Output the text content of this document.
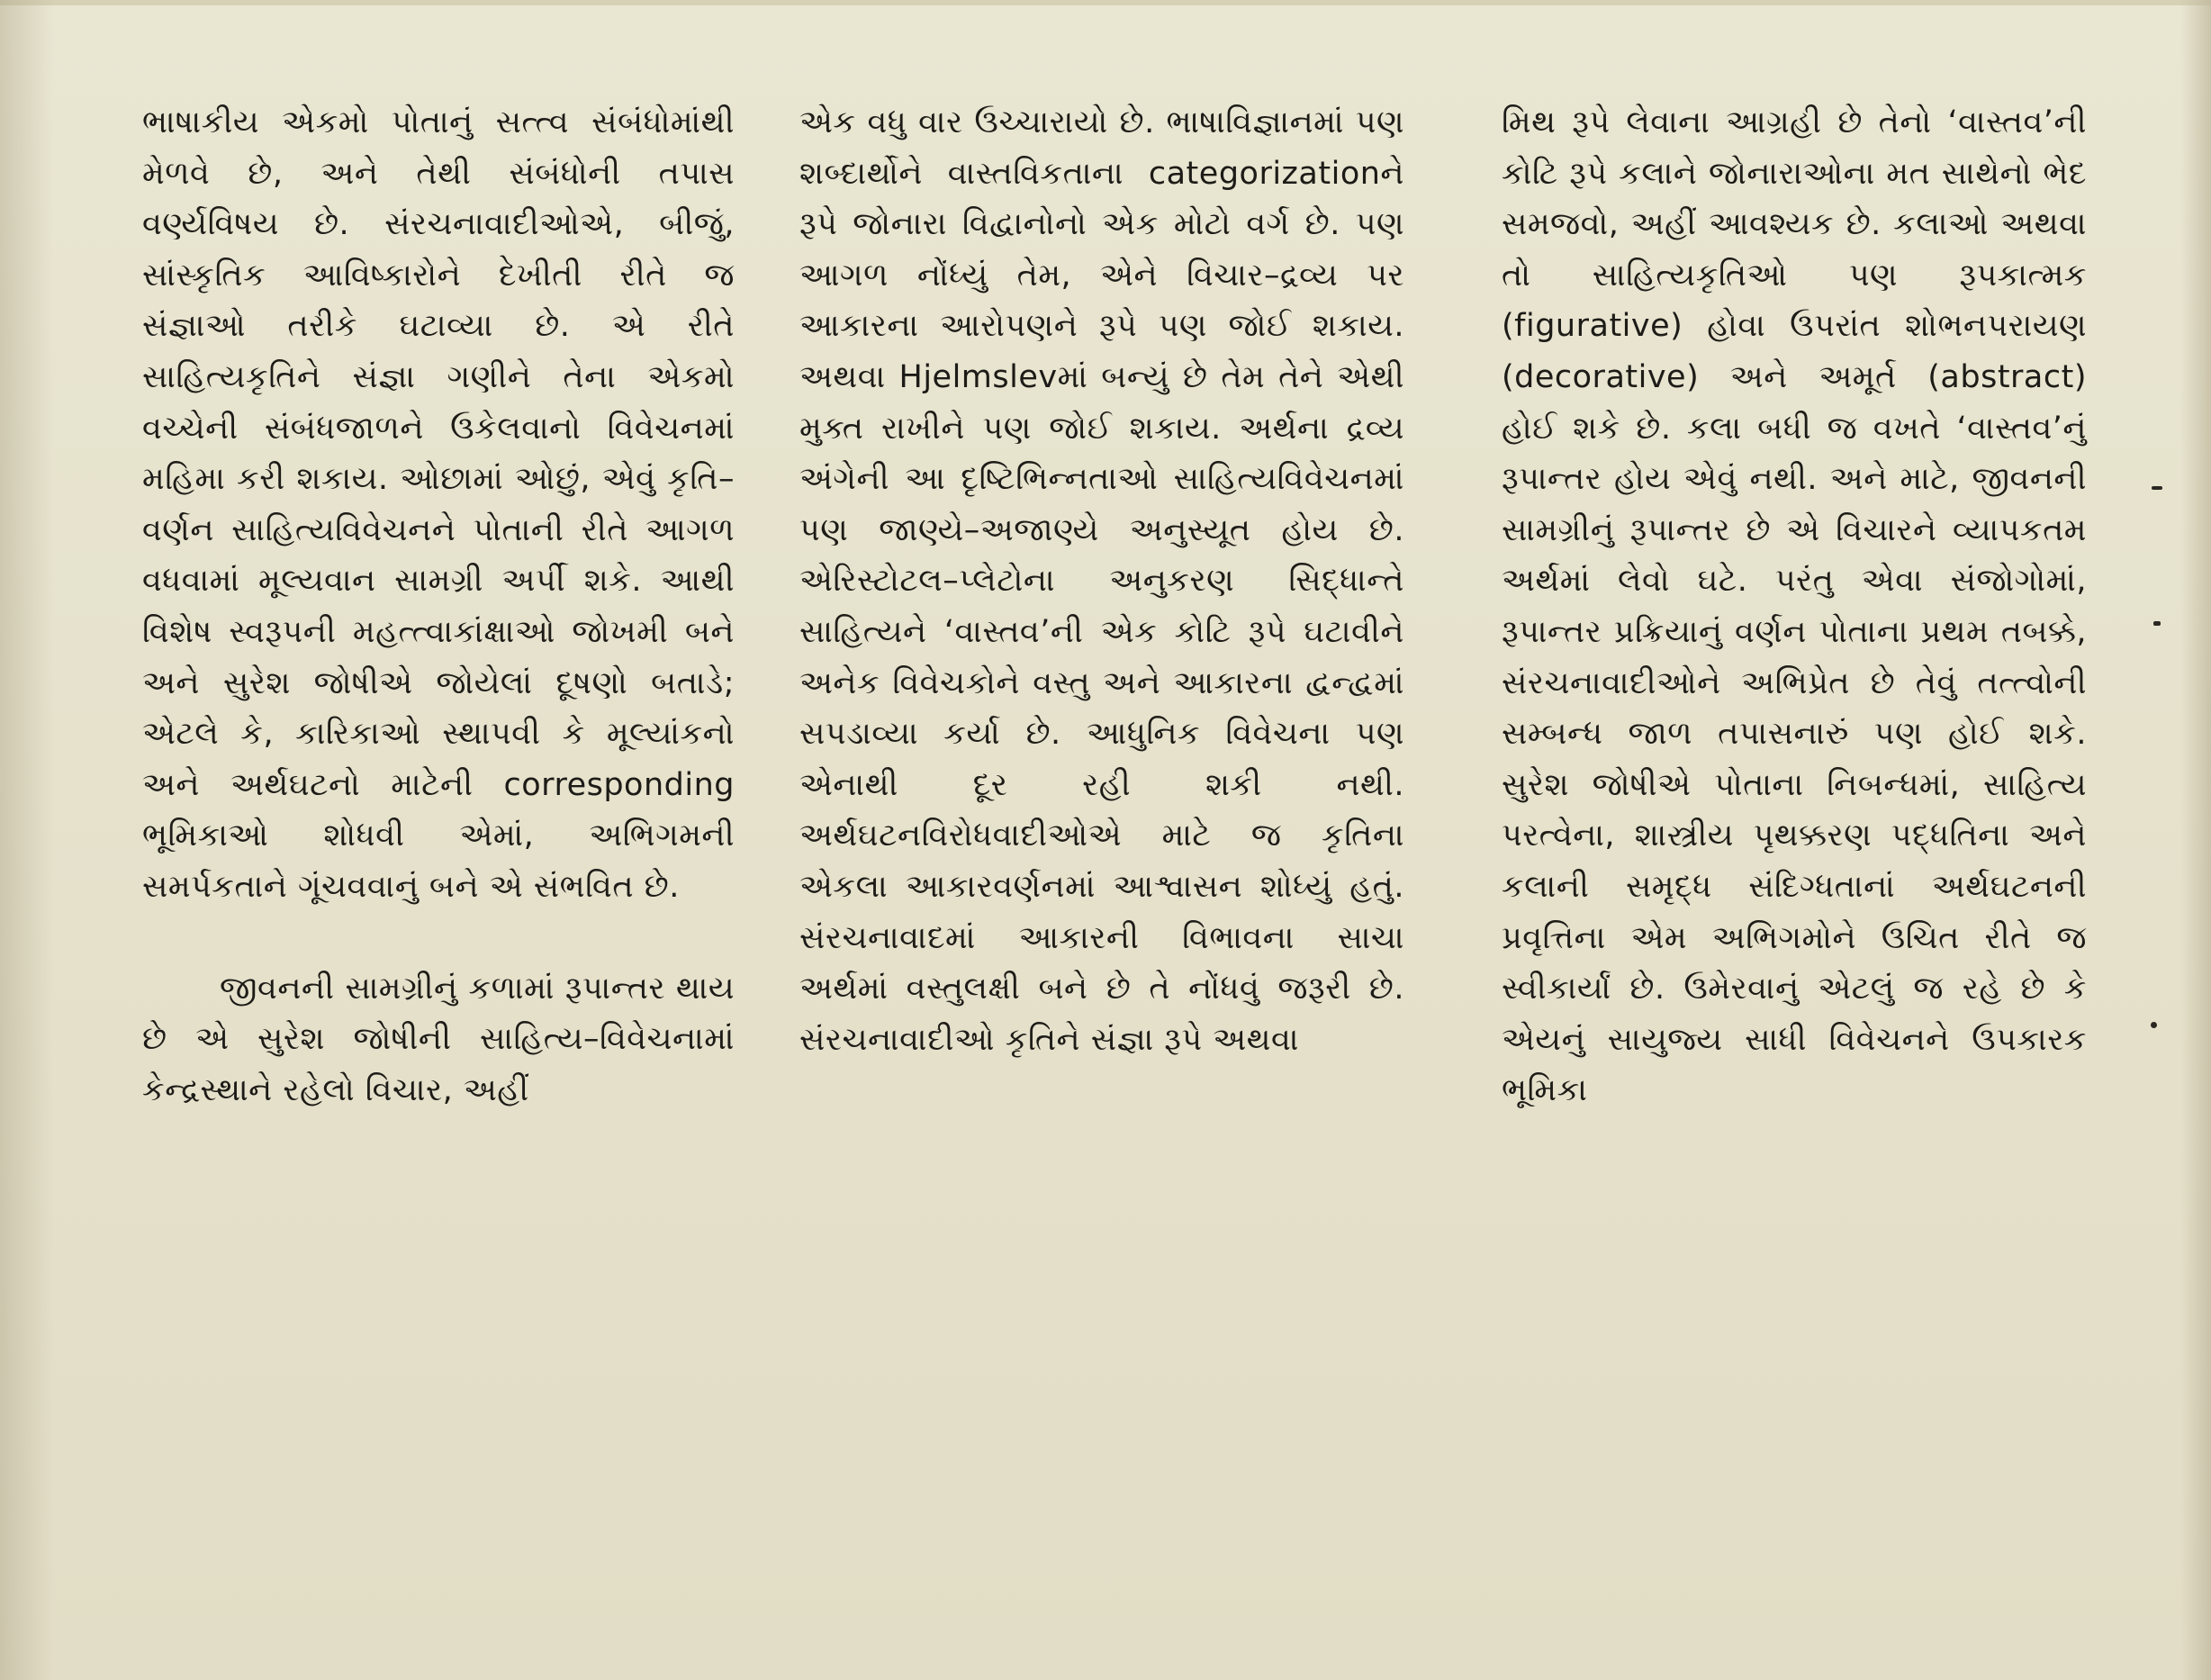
ભાષાકીય એકમો પોતાનું સત્ત્વ સંબંધોમાંથી મેળવે છે, અને તેથી સંબંધોની તપાસ વર્ણ્યવિષય છે. સંરચનાવાદીઓએ, બીજું, સાંસ્કૃતિક આવિષ્કારોને દેખીતી રીતે જ સંજ્ઞાઓ તરીકે ઘટાવ્યા છે. એ રીતે સાહિત્યકૃતિને સંજ્ઞા ગણીને તેના એકમો વચ્ચેની સંબંધજાળને ઉકેલવાનો વિવેચનમાં મહિમા કરી શકાય. ઓછામાં ઓછું, એવું કૃતિ–વર્ણન સાહિત્યવિવેચનને પોતાની રીતે આગળ વધવામાં મૂલ્યવાન સામગ્રી અર્પી શકે. આથી વિશેષ સ્વરૂપની મહત્ત્વાકાંક્ષાઓ જોખમી બને અને સુરેશ જોષીએ જોયેલાં દૂષણો બતાડે; એટલે કે, કારિકાઓ સ્થાપવી કે મૂલ્યાંકનો અને અર્થઘટનો માટેની corresponding ભૂમિકાઓ શોધવી એમાં, અભિગમની સમર્પકતાને ગૂંચવવાનું બને એ સંભવિત છે.

જીવનની સામગ્રીનું કળામાં રૂપાન્તર થાય છે એ સુરેશ જોષીની સાહિત્ય–વિવેચનામાં કેન્દ્રસ્થાને રહેલો વિચાર, અહીં

એક વધુ વાર ઉચ્ચારાયો છે. ભાષાવિજ્ઞાનમાં પણ શબ્દાર્થોને વાસ્તવિકતાના categorizationને રૂપે જોનારા વિદ્વાનોનો એક મોટો વર્ગ છે. પણ આગળ નોંધ્યું તેમ, એને વિચાર–દ્રવ્ય પર આકારના આરોપણને રૂપે પણ જોઈ શકાય. અથવા Hjelmslevમાં બન્યું છે તેમ તેને એથી મુક્ત રાખીને પણ જોઈ શકાય. અર્થના દ્રવ્ય અંગેની આ દૃષ્ટિભિન્નતાઓ સાહિત્યવિવેચનમાં પણ જાણ્યે–અજાણ્યે અનુસ્યૂત હોય છે. એરિસ્ટોટલ–પ્લેટોના અનુકરણ સિદ્ધાન્તે સાહિત્યને ‘વાસ્તવ’ની એક કોટિ રૂપે ઘટાવીને અનેક વિવેચકોને વસ્તુ અને આકારના દ્વન્દ્વમાં સપડાવ્યા કર્યા છે. આધુનિક વિવેચના પણ એનાથી દૂર રહી શકી નથી. અર્થઘટનવિરોધવાદીઓએ માટે જ કૃતિના એકલા આકારવર્ણનમાં આશ્વાસન શોધ્યું હતું. સંરચનાવાદમાં આકારની વિભાવના સાચા અર્થમાં વસ્તુલક્ષી બને છે તે નોંધવું જરૂરી છે. સંરચનાવાદીઓ કૃતિને સંજ્ઞા રૂપે અથવા

મિથ રૂપે લેવાના આગ્રહી છે તેનો ‘વાસ્તવ’ની કોટિ રૂપે કલાને જોનારાઓના મત સાથેનો ભેદ સમજવો, અહીં આવશ્યક છે. કલાઓ અથવા તો સાહિત્યકૃતિઓ પણ રૂપકાત્મક (figurative) હોવા ઉપરાંત શોભનપરાયણ (decorative) અને અમૂર્ત (abstract) હોઈ શકે છે. કલા બધી જ વખતે ‘વાસ્તવ’નું રૂપાન્તર હોય એવું નથી. અને માટે, જીવનની સામગ્રીનું રૂપાન્તર છે એ વિચારને વ્યાપકતમ અર્થમાં લેવો ઘટે. પરંતુ એવા સંજોગોમાં, રૂપાન્તર પ્રક્રિયાનું વર્ણન પોતાના પ્રથમ તબક્કે, સંરચનાવાદીઓને અભિપ્રેત છે તેવું તત્ત્વોની સમ્બન્ધ જાળ તપાસનારું પણ હોઈ શકે. સુરેશ જોષીએ પોતાના નિબન્ધમાં, સાહિત્ય પરત્વેના, શાસ્ત્રીય પૃથક્કરણ પદ્ધતિના અને કલાની સમૃદ્ધ સંદિગ્ધતાનાં અર્થઘટનની પ્રવૃત્તિના એમ અભિગમોને ઉચિત રીતે જ સ્વીકાર્યાં છે. ઉમેરવાનું એટલું જ રહે છે કે એયનું સાયુજ્ય સાધી વિવેચનને ઉપકારક ભૂમિકા
